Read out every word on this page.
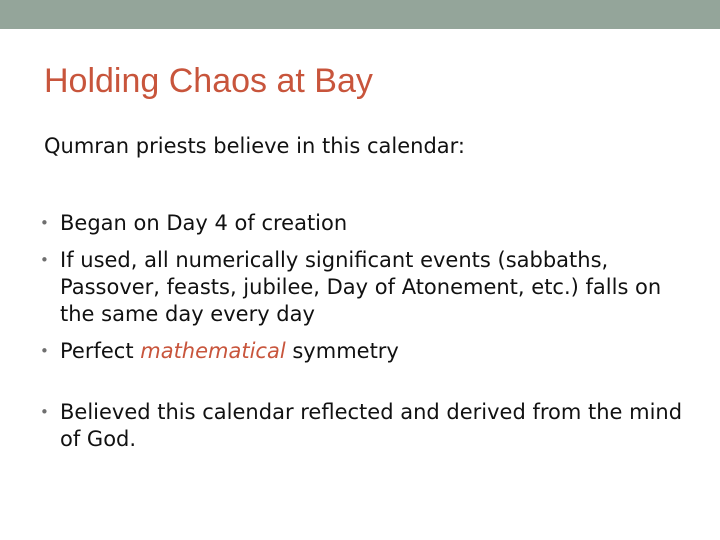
Holding Chaos at Bay

Qumran priests believe in this calendar:

• Began on Day 4 of creation
• If used, all numerically significant events (sabbaths, Passover, feasts, jubilee, Day of Atonement, etc.) falls on the same day every day
• Perfect mathematical symmetry
• Believed this calendar reflected and derived from the mind of God.
